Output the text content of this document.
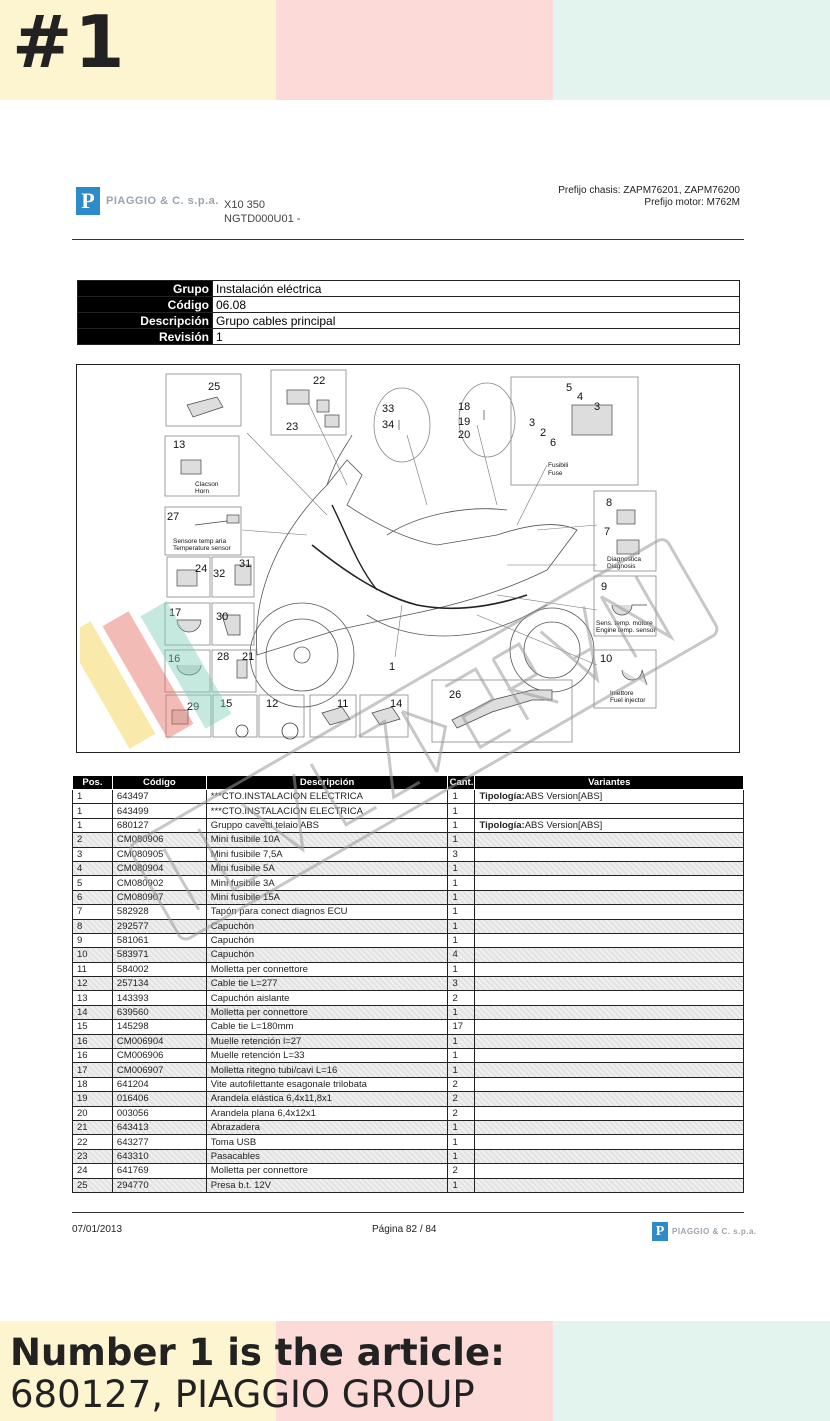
#1
P	PIAGGIO & C. s.p.a. X10 350
NGTD000U01 -
Prefijo chasis: ZAPM76201, ZAPM76200
Prefijo motor: M762M
Grupo	Instalación eléctrica
Código	06.08
Descripción	Grupo cables principal
Revisión	1
25	22
23
13
33
34
18
19
20
5
4
3
3
2
6
27
8
7
24 32
31
17	30
9
16	28 21
1
10
29 15	12	11	14
26
Clacson
Horn
Sensore temp aria
Temperature sensor
Fusibili
Fuse
Diagnostica
Diagnosis
Sens. temp. motore
Engine temp. sensor
Iniettore
Fuel injector
Pos.	Código	Descripción	Cant.	Variantes
1	643497	***CTO.INSTALACION ELECTRICA	1	Tipología:ABS Version[ABS]
1	643499	***CTO.INSTALACION ELECTRICA	1	
1	680127	Gruppo cavetti telaio ABS	1	Tipología:ABS Version[ABS]
2	CM080906	Mini fusibile 10A	1	
3	CM080905	Mini fusibile 7,5A	3	
4	CM080904	Mini fusibile 5A	1	
5	CM080902	Mini fusibile 3A	1	
6	CM080907	Mini fusibile 15A	1	
7	582928	Tapón para conect diagnos ECU	1	
8	292577	Capuchón	1	
9	581061	Capuchón	1	
10	583971	Capuchón	4	
11	584002	Molletta per connettore	1	
12	257134	Cable tie L=277	3	
13	143393	Capuchón aislante	2	
14	639560	Molletta per connettore	1	
15	145298	Cable tie L=180mm	17	
16	CM006904	Muelle retención l=27	1	
16	CM006906	Muelle retención L=33	1	
17	CM006907	Molletta ritegno tubi/cavi L=16	1	
18	641204	Vite autofilettante esagonale trilobata	2	
19	016406	Arandela elástica 6,4x11,8x1	2	
20	003056	Arandela plana 6,4x12x1	2	
21	643413	Abrazadera	1	
22	643277	Toma USB	1	
23	643310	Pasacables	1	
24	641769	Molletta per connettore	2	
25	294770	Presa b.t. 12V	1	
07/01/2013	Página 82 / 84	P PIAGGIO & C. s.p.a.
Number 1 is the article:
680127, PIAGGIO GROUP
